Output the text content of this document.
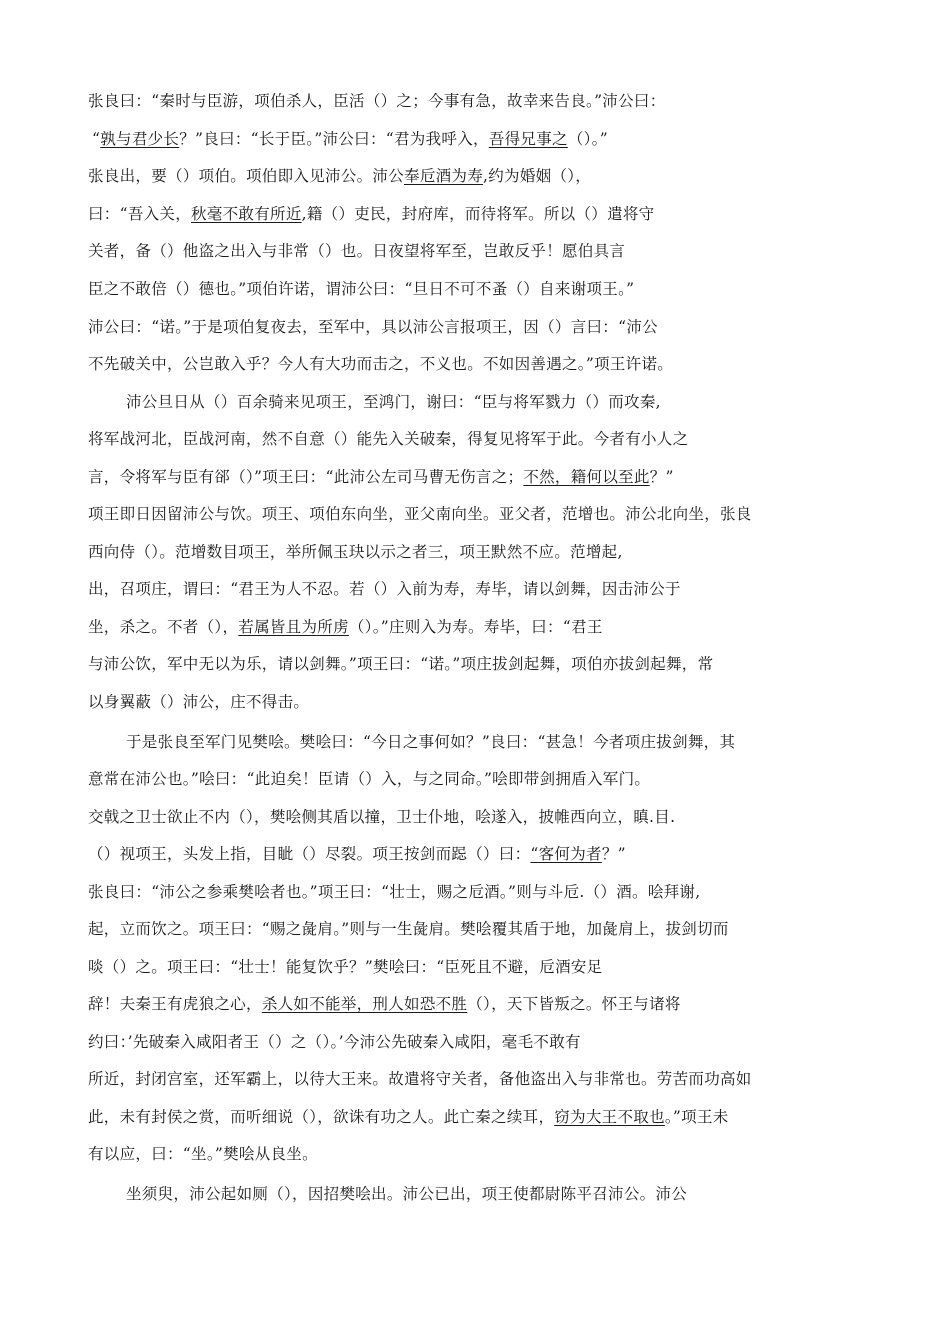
张良曰：“秦时与臣游，项伯杀人，臣活（）之；今事有急，故幸来告良。”沛公曰：
“孰与君少长？”良曰：“长于臣。”沛公曰：“君为我呼入，吾得兄事之（）。”
张良出，要（）项伯。项伯即入见沛公。沛公奉卮酒为寿,约为婚姻（），
曰：“吾入关，秋毫不敢有所近,籍（）吏民，封府库，而待将军。所以（）遣将守
关者，备（）他盗之出入与非常（）也。日夜望将军至，岂敢反乎！愿伯具言
臣之不敢倍（）德也。”项伯许诺，谓沛公曰：“旦日不可不蚤（）自来谢项王。”
沛公曰：“诺。”于是项伯复夜去，至军中，具以沛公言报项王，因（）言曰：“沛公
不先破关中，公岂敢入乎？今人有大功而击之，不义也。不如因善遇之。”项王许诺。
沛公旦日从（）百余骑来见项王，至鸿门，谢曰：“臣与将军戮力（）而攻秦,
将军战河北，臣战河南，然不自意（）能先入关破秦，得复见将军于此。今者有小人之
言，令将军与臣有郤（）”项王曰：“此沛公左司马曹无伤言之；不然，籍何以至此？”
项王即日因留沛公与饮。项王、项伯东向坐，亚父南向坐。亚父者，范增也。沛公北向坐，张良
西向侍（）。范增数目项王，举所佩玉玦以示之者三，项王默然不应。范增起,
出，召项庄，谓曰：“君王为人不忍。若（）入前为寿，寿毕，请以剑舞，因击沛公于
坐，杀之。不者（），若属皆且为所虏（）。”庄则入为寿。寿毕，曰：“君王
与沛公饮，军中无以为乐，请以剑舞。”项王曰：“诺。”项庄拔剑起舞，项伯亦拔剑起舞，常
以身翼蔽（）沛公，庄不得击。
于是张良至军门见樊哙。樊哙曰：“今日之事何如？”良曰：“甚急！今者项庄拔剑舞，其
意常在沛公也。”哙曰：“此迫矣！臣请（）入，与之同命。”哙即带剑拥盾入军门。
交戟之卫士欲止不内（），樊哙侧其盾以撞，卫士仆地，哙遂入，披帷西向立，瞋.目.
（）视项王，头发上指，目眦（）尽裂。项王按剑而跽（）曰：“客何为者？”
张良曰：“沛公之参乘樊哙者也。”项王曰：“壮士，赐之卮酒。”则与斗卮.（）酒。哙拜谢,
起，立而饮之。项王曰：“赐之彘肩。”则与一生彘肩。樊哙覆其盾于地，加彘肩上，拔剑切而
啖（）之。项王曰：“壮士！能复饮乎？”樊哙曰：“臣死且不避，卮酒安足
辞！夫秦王有虎狼之心，杀人如不能举，刑人如恐不胜（），天下皆叛之。怀王与诸将
约曰：’先破秦入咸阳者王（）之（）。’今沛公先破秦入咸阳，毫毛不敢有
所近，封闭宫室，还军霸上，以待大王来。故遣将守关者，备他盗出入与非常也。劳苦而功高如
此，未有封侯之赏，而听细说（），欲诛有功之人。此亡秦之续耳，窃为大王不取也。”项王未
有以应，曰：“坐。”樊哙从良坐。
坐须臾，沛公起如厕（），因招樊哙出。沛公已出，项王使都尉陈平召沛公。沛公
